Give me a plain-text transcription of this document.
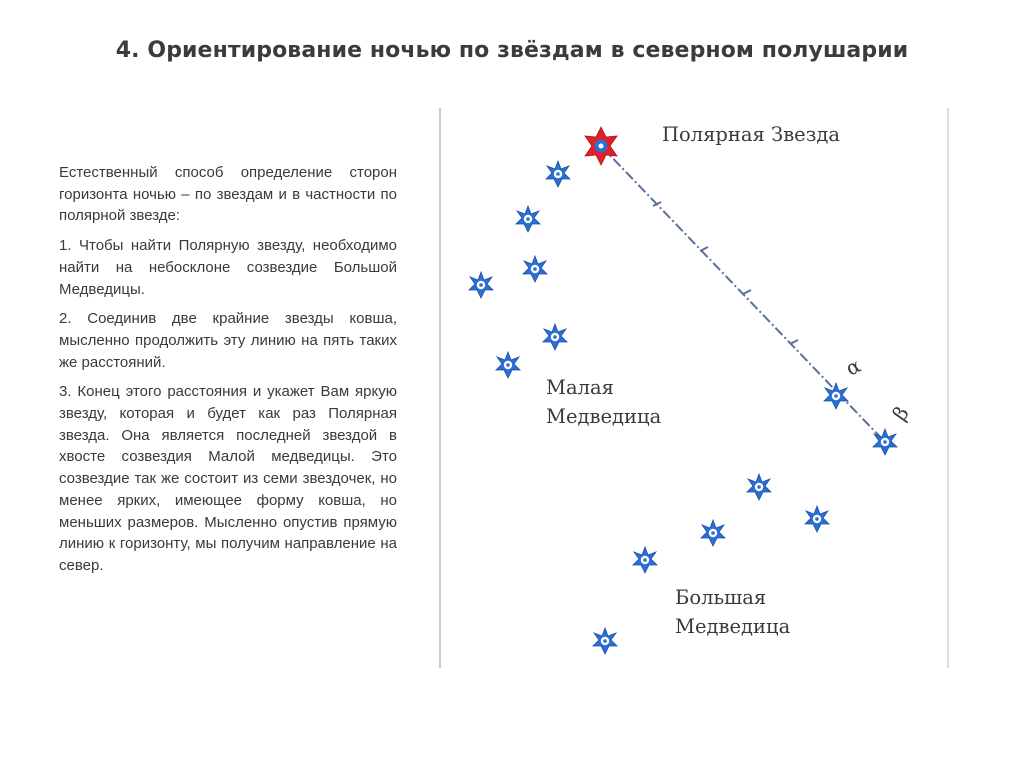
4. Ориентирование ночью по звёздам в северном полушарии

Естественный способ определение сторон горизонта ночью – по звездам и в частности по полярной звезде:

1. Чтобы найти Полярную звезду, необходимо найти на небосклоне созвездие Большой Медведицы.

2. Соединив две крайние звезды ковша, мысленно продолжить эту линию на пять таких же расстояний.

3. Конец этого расстояния и укажет Вам яркую звезду, которая и будет как раз Полярная звезда. Она является последней звездой в хвосте созвездия Малой медведицы. Это созвездие так же состоит из семи звездочек, но менее ярких, имеющее форму ковша, но меньших размеров. Мысленно опустив прямую линию к горизонту, мы получим направление на север.

α
β
Полярная Звезда
Малая
Медведица
Большая
Медведица
